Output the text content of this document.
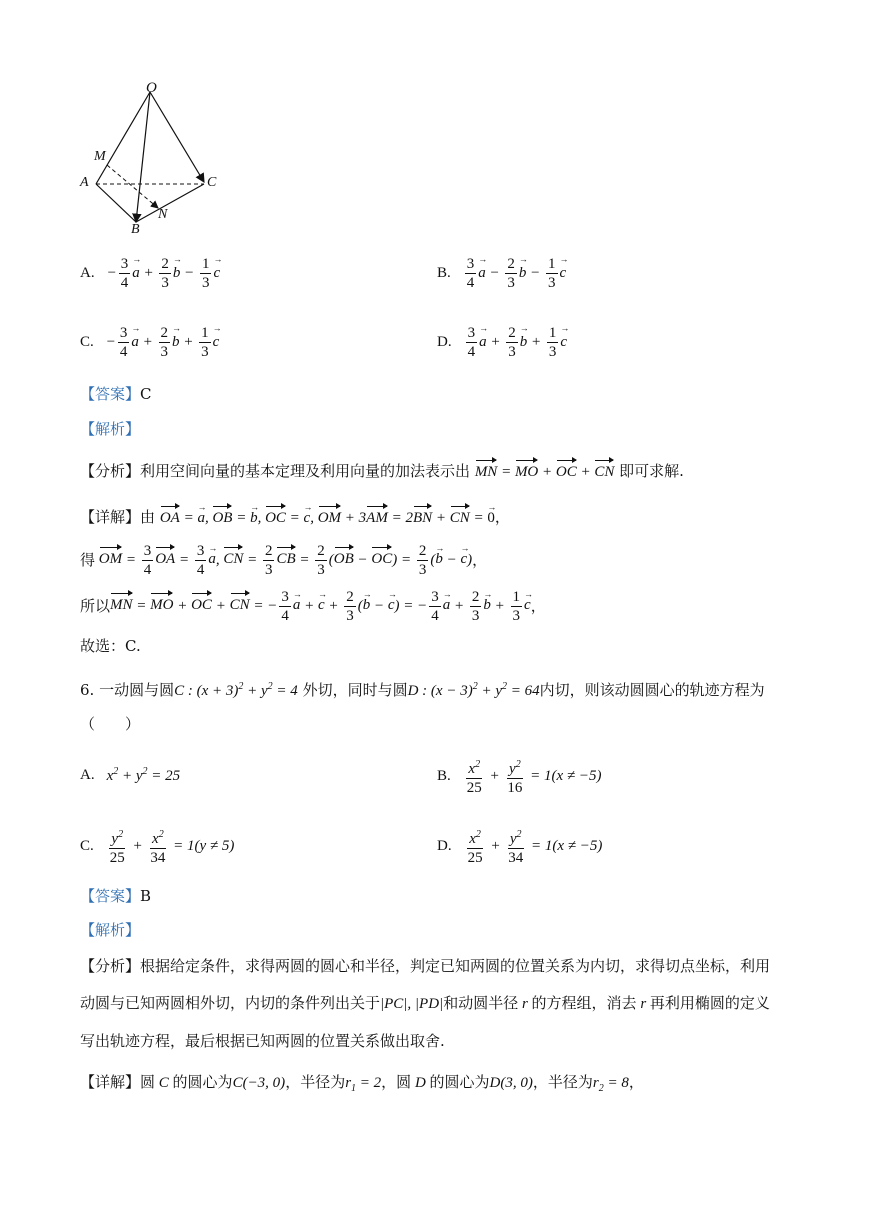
O
M
A	C
N
B
A. − $\frac{3}{4}$
→ $a + \frac{2}{3}$
→ $b - \frac{1}{3}$
→ c	B. $\frac{3}{4}$
→ $a - \frac{2}{3}$
→ $b - \frac{1}{3}$
→ c
C. − $\frac{3}{4}$
→ $a + \frac{2}{3}$
→ $b + \frac{1}{3}$
→ c	D. $\frac{3}{4}$
→ $a + \frac{2}{3}$
→ $b + \frac{1}{3}$
→ c
【答案】C
【解析】
【分析】利用空间向量的基本定理及利用向量的加法表示出 MN = MO + OC + CN 即可求解.
【详解】由 OA = → a, OB = → b, OC = → c, OM + 3AM = 2BN + CN = → 0，
得 OM = $\frac{3}{4}$ OA = $\frac{3}{4}$
→ a, CN = $\frac{2}{3}$ CB = $\frac{2}{3} (OB - OC) = \frac{2}{3}$ (→ b − → c) ，
所以 MN = MO + OC + CN = − $\frac{3}{4}$
→ a + → $c + \frac{2}{3}$ (→ b − → c) = − $\frac{3}{4}$
→ $a + \frac{2}{3}$
→ $b + \frac{1}{3}$
→ c ，
故选：C.
6. 一动圆与圆C : $(x + 3)^2 + y^2 = 4$ 外切，同时与圆D : $(x - 3)^2 + y^2 = 64$内切，则该动圆圆心的轨迹方程为
（　　）
A. $x^2 + y^2 = 25$	B. $\frac{x^2}{25} + \frac{y^2}{16} = 1(x \ne -5)$
C. $\frac{y^2}{25} + \frac{x^2}{34} = 1(y \ne 5)$	D. $\frac{x^2}{25} + \frac{y^2}{34} = 1(x \ne -5)$
【答案】B
【解析】
【分析】根据给定条件，求得两圆的圆心和半径，判定已知两圆的位置关系为内切，求得切点坐标，利用
动圆与已知两圆相外切，内切的条件列出关于|PC|, |PD|和动圆半径 r 的方程组，消去 r 再利用椭圆的定义
写出轨迹方程，最后根据已知两圆的位置关系做出取舍.
【详解】圆 C 的圆心为C(−3, 0)，半径为$r_1 = 2$，圆 D 的圆心为D(3, 0)，半径为$r_2 = 8$，
